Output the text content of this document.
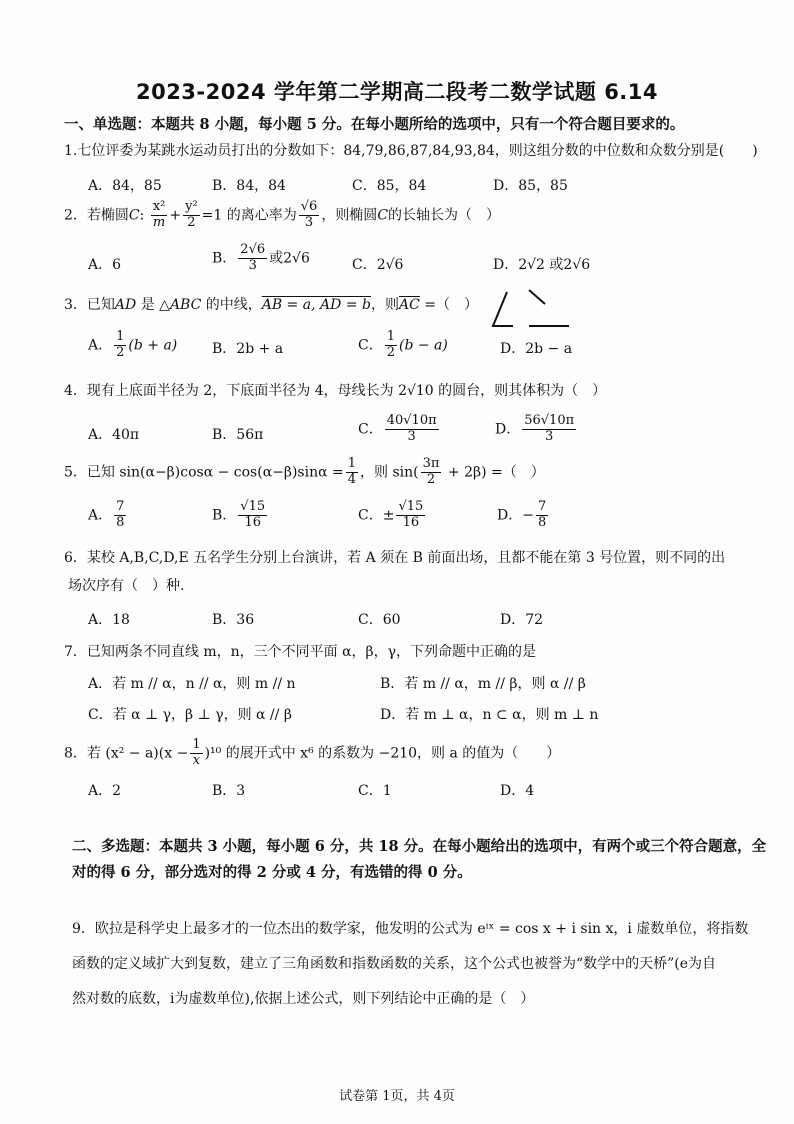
2023-2024 学年第二学期高二段考二数学试题 6.14
一、单选题：本题共 8 小题，每小题 5 分。在每小题所给的选项中，只有一个符合题目要求的。
1.七位评委为某跳水运动员打出的分数如下：84,79,86,87,84,93,84，则这组分数的中位数和众数分别是(　　)
A．84，85	B．84，84	C．85，84	D．85，85
2．若椭圆C: $\frac{\text{x²}}{m} + \frac{\text{y²}}{2} =1$ 的离心率为 $\frac{√6}{3}$ ，则椭圆C的长轴长为（　）
A．6	B． $\frac{2√6}{3}$ 或2√6	C．2√6	D．2√2 或2√6
3．已知AD 是 △ABC 的中线，AB = a, AD = b，则$\overline{AC}$ =（　）
A． $\frac{1}{2} (b + a)$ B．2b + a	C． $\frac{1}{2} (b - a)$	D．2b − a
4．现有上底面半径为 2，下底面半径为 4，母线长为 2√10 的圆台，则其体积为（　）
A．40π	B．56π	C． $\frac{40√10\pi}{3}$	D． $\frac{56√10\pi}{3}$
5．已知 $\sin(\alpha-\beta)\cos\alpha - \cos(\alpha-\beta)\sin\alpha = \frac{1}{4}$ ，则 $\sin( \frac{3\pi}{2} + 2\beta)$ =（　）
A． $\frac{7}{8}$	B． $\frac{√15}{16}$	C．± $\frac{√15}{16}$	D．− $\frac{7}{8}$
6．某校 A,B,C,D,E 五名学生分别上台演讲，若 A 须在 B 前面出场，且都不能在第 3 号位置，则不同的出
场次序有（　）种.
A．18	B．36	C．60	D．72
7．已知两条不同直线 m，n，三个不同平面 α，β，γ，下列命题中正确的是
A．若 m // α，n // α，则 m // n	B．若 m // α，m // β，则 α // β
C．若 α ⊥ γ，β ⊥ γ，则 α // β	D．若 m ⊥ α，n ⊂ α，则 m ⊥ n
8．若 $(x^2 - a)(x - \frac{1}{x} )^{10}$ 的展开式中 x⁶ 的系数为 −210，则 a 的值为（　　）
A．2	B．3	C．1	D．4
二、多选题：本题共 3 小题，每小题 6 分，共 18 分。在每小题给出的选项中，有两个或三个符合题意，全
对的得 6 分，部分选对的得 2 分或 4 分，有选错的得 0 分。
9．欧拉是科学史上最多才的一位杰出的数学家，他发明的公式为 eⁱˣ = cos x + i sin x，i 虚数单位，将指数
函数的定义域扩大到复数，建立了三角函数和指数函数的关系，这个公式也被誉为“数学中的天桥”(e为自
然对数的底数，i为虚数单位),依据上述公式，则下列结论中正确的是（　）
试卷第 1页，共 4页
